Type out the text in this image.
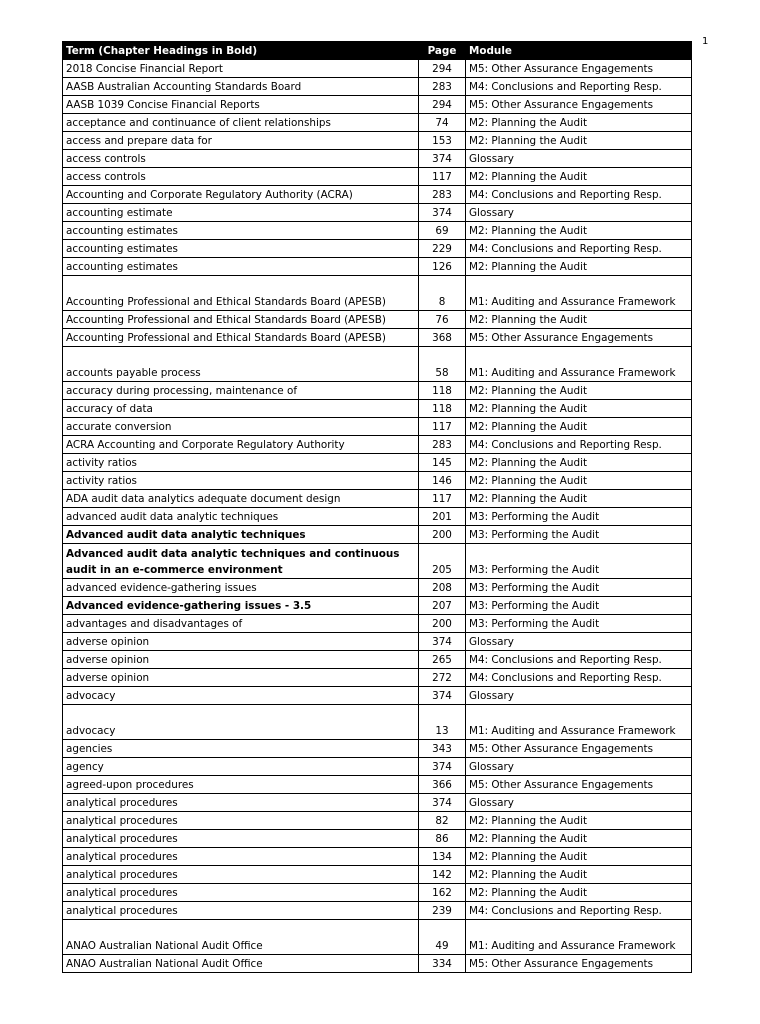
1
Term (Chapter Headings in Bold)	Page	Module
2018 Concise Financial Report	294	M5: Other Assurance Engagements
AASB Australian Accounting Standards Board	283	M4: Conclusions and Reporting Resp.
AASB 1039 Concise Financial Reports	294	M5: Other Assurance Engagements
acceptance and continuance of client relationships	74	M2: Planning the Audit
access and prepare data for	153	M2: Planning the Audit
access controls	374	Glossary
access controls	117	M2: Planning the Audit
Accounting and Corporate Regulatory Authority (ACRA)	283	M4: Conclusions and Reporting Resp.
accounting estimate	374	Glossary
accounting estimates	69	M2: Planning the Audit
accounting estimates	229	M4: Conclusions and Reporting Resp.
accounting estimates	126	M2: Planning the Audit
Accounting Professional and Ethical Standards Board (APESB)	8	M1: Auditing and Assurance Framework
Accounting Professional and Ethical Standards Board (APESB)	76	M2: Planning the Audit
Accounting Professional and Ethical Standards Board (APESB)	368	M5: Other Assurance Engagements
accounts payable process	58	M1: Auditing and Assurance Framework
accuracy during processing, maintenance of	118	M2: Planning the Audit
accuracy of data	118	M2: Planning the Audit
accurate conversion	117	M2: Planning the Audit
ACRA Accounting and Corporate Regulatory Authority	283	M4: Conclusions and Reporting Resp.
activity ratios	145	M2: Planning the Audit
activity ratios	146	M2: Planning the Audit
ADA audit data analytics adequate document design	117	M2: Planning the Audit
advanced audit data analytic techniques	201	M3: Performing the Audit
Advanced audit data analytic techniques	200	M3: Performing the Audit

Advanced audit data analytic techniques and continuous
audit in an e-commerce environment	205	M3: Performing the Audit
advanced evidence-gathering issues	208	M3: Performing the Audit
Advanced evidence-gathering issues - 3.5	207	M3: Performing the Audit
advantages and disadvantages of	200	M3: Performing the Audit
adverse opinion	374	Glossary
adverse opinion	265	M4: Conclusions and Reporting Resp.
adverse opinion	272	M4: Conclusions and Reporting Resp.
advocacy	374	Glossary
advocacy	13	M1: Auditing and Assurance Framework
agencies	343	M5: Other Assurance Engagements
agency	374	Glossary
agreed-upon procedures	366	M5: Other Assurance Engagements
analytical procedures	374	Glossary
analytical procedures	82	M2: Planning the Audit
analytical procedures	86	M2: Planning the Audit
analytical procedures	134	M2: Planning the Audit
analytical procedures	142	M2: Planning the Audit
analytical procedures	162	M2: Planning the Audit
analytical procedures	239	M4: Conclusions and Reporting Resp.
ANAO Australian National Audit Office	49	M1: Auditing and Assurance Framework
ANAO Australian National Audit Office	334	M5: Other Assurance Engagements
